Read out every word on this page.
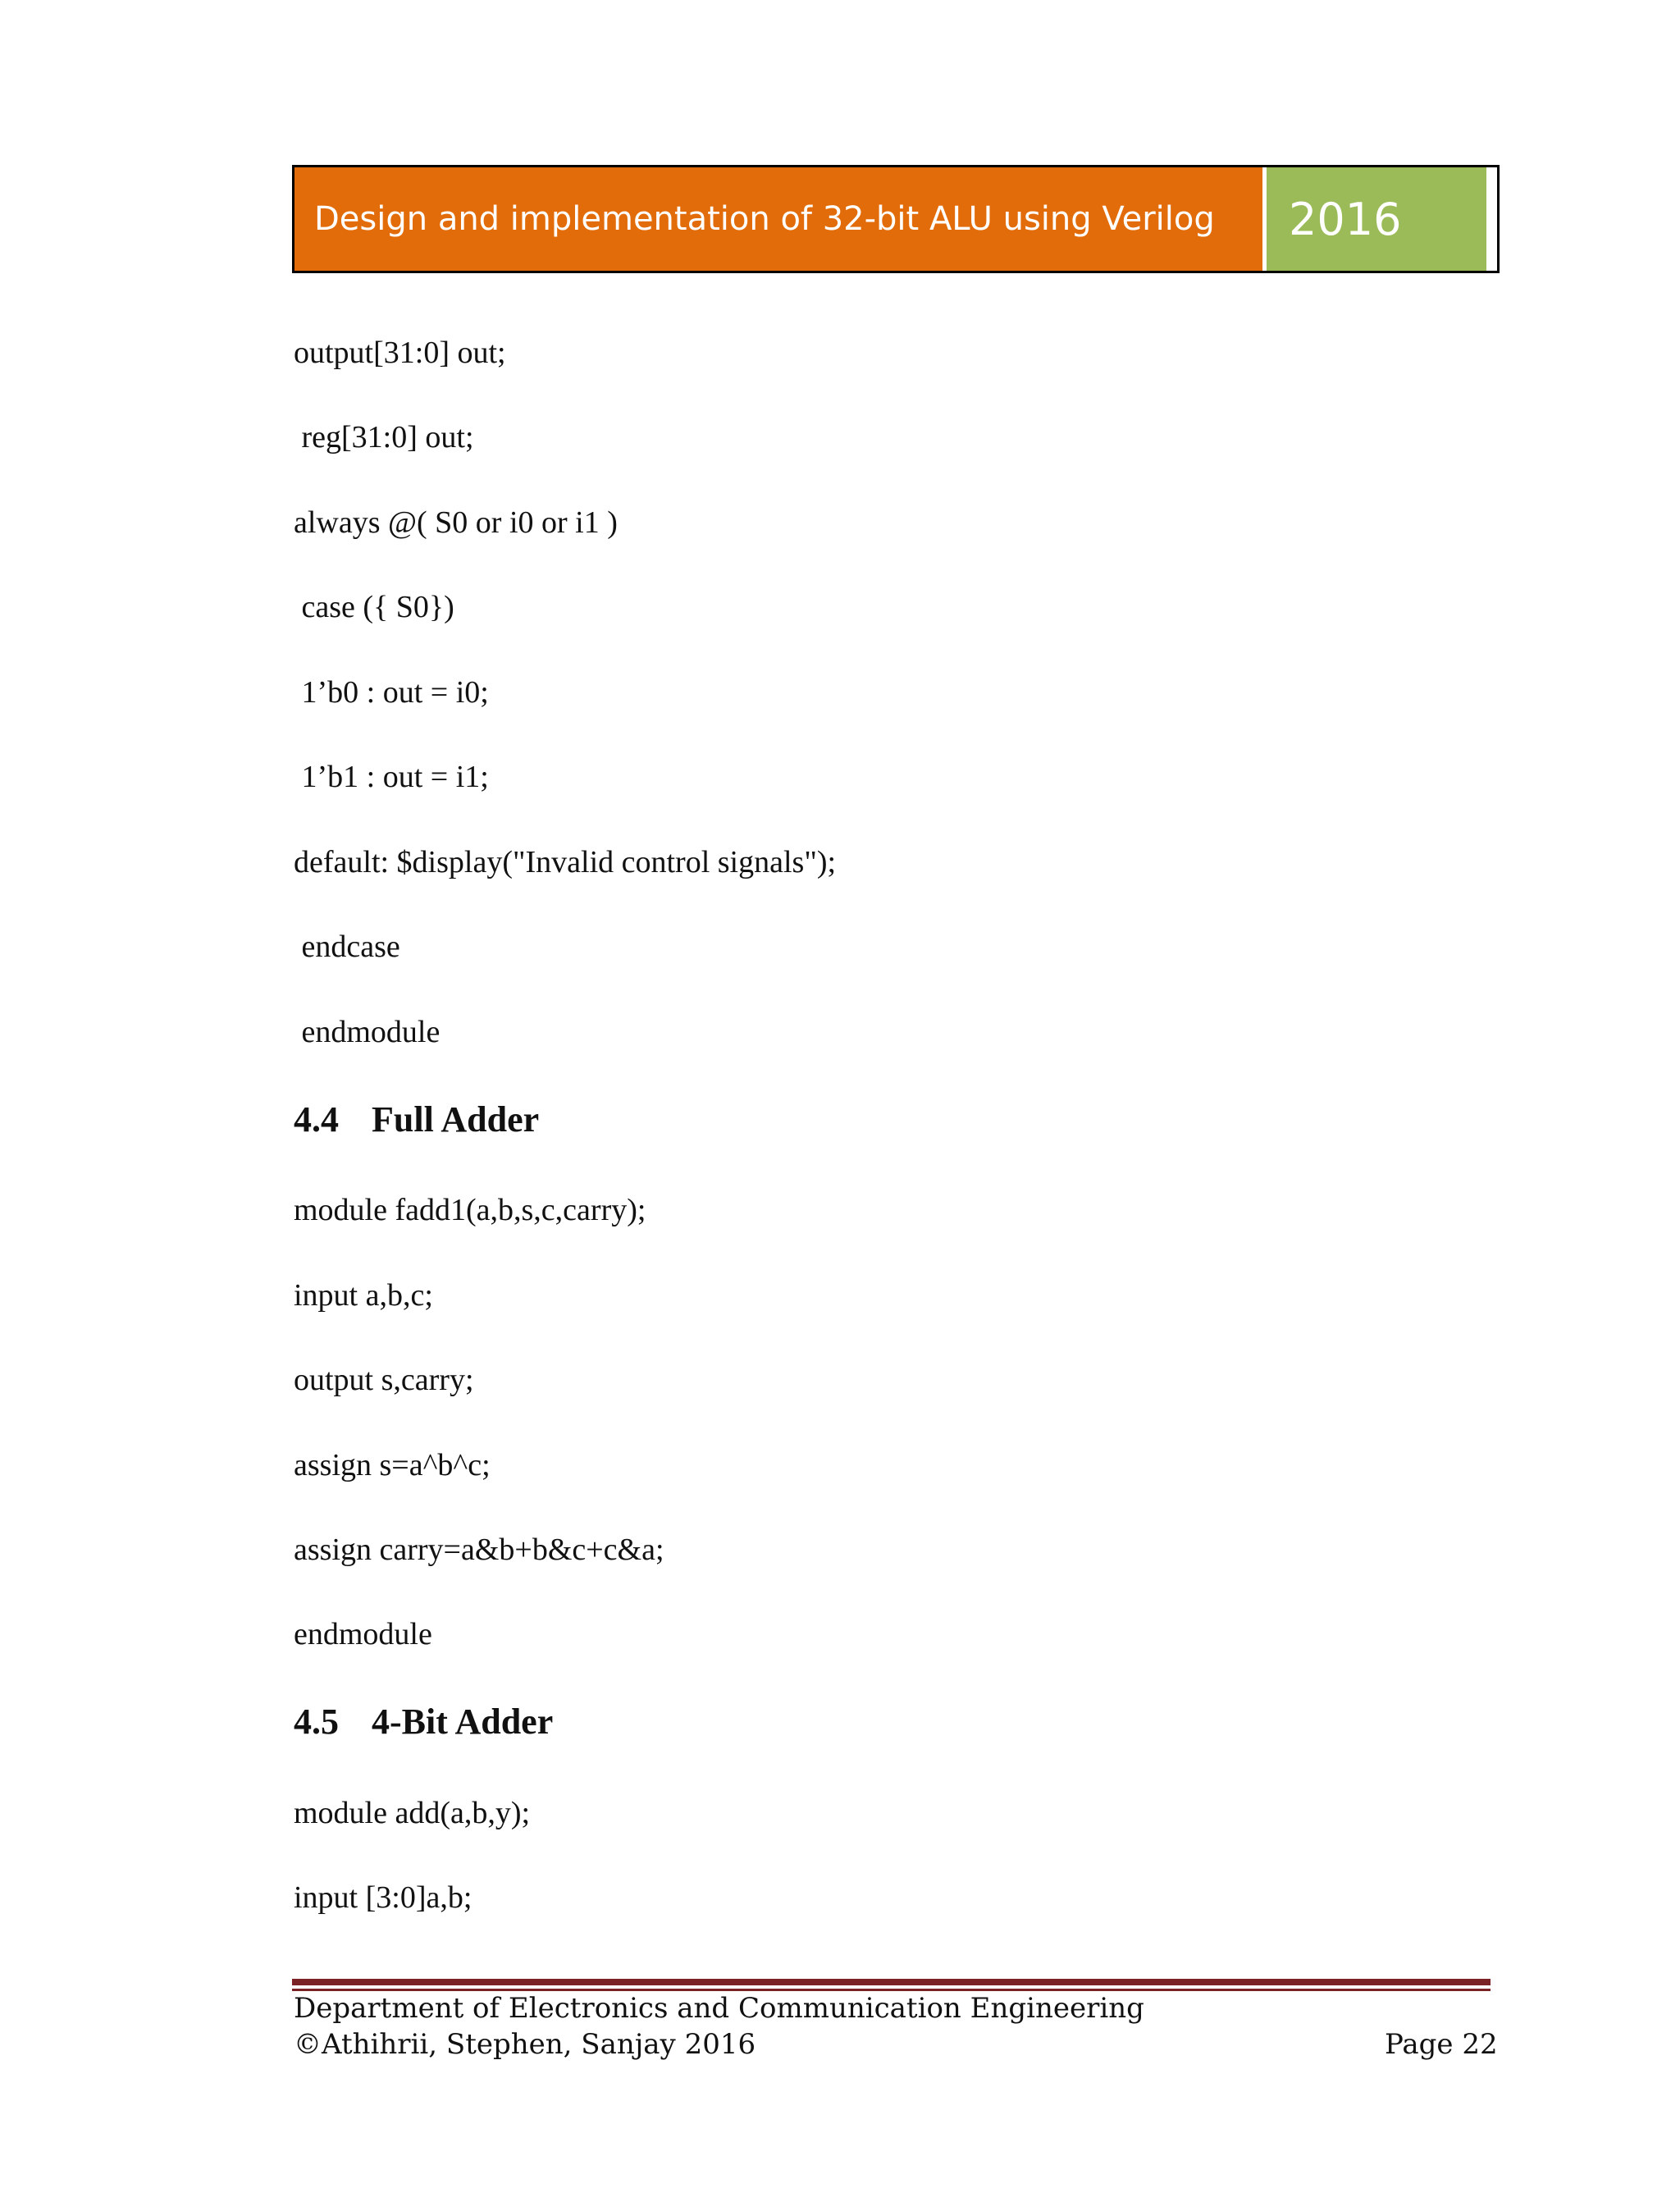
Design and implementation of 32-bit ALU using Verilog 2016
output[31:0] out;
reg[31:0] out;
always @( S0 or i0 or i1 )
case ({ S0})
1’b0 : out = i0;
1’b1 : out = i1;
default: $display("Invalid control signals");
endcase
endmodule
4.4 Full Adder
module fadd1(a,b,s,c,carry);
input a,b,c;
output s,carry;
assign s=a^b^c;
assign carry=a&b+b&c+c&a;
endmodule
4.5 4-Bit Adder
module add(a,b,y);
input [3:0]a,b;
Department of Electronics and Communication Engineering
©Athihrii, Stephen, Sanjay 2016	Page 22
